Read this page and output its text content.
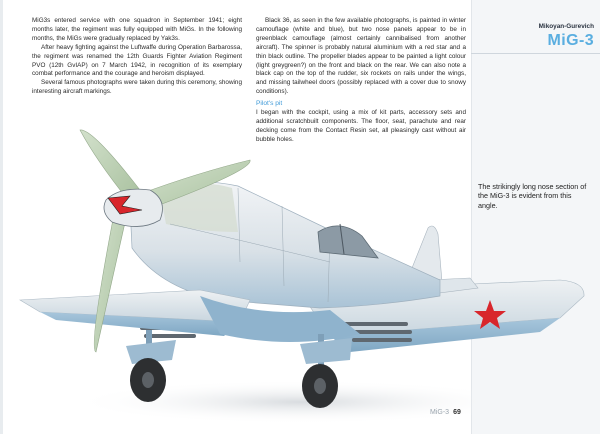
MiG3s entered service with one squadron in September 1941; eight months later, the regiment was fully equipped with MiGs. In the following months, the MiGs were gradually replaced by Yak3s.

After heavy fighting against the Luftwaffe during Operation Barbarossa, the regiment was renamed the 12th Guards Fighter Aviation Regiment PVO (12th GvIAP) on 7 March 1942, in recognition of its exemplary combat performance and the courage and heroism displayed.

Several famous photographs were taken during this ceremony, showing interesting aircraft markings.

Black 36, as seen in the few available photographs, is painted in winter camouflage (white and blue), but two nose panels appear to be in greenblack camouflage (almost certainly cannibalised from another aircraft). The spinner is probably natural aluminium with a red star and a thin black outline. The propeller blades appear to be painted a light colour (light greygreen?) on the front and black on the rear. We can also note a black cap on the top of the rudder, six rockets on rails under the wings, and missing tailwheel doors (possibly replaced with a cover due to snowy conditions).

Pilot's pit

I began with the cockpit, using a mix of kit parts, accessory sets and additional scratchbuilt components. The floor, seat, parachute and rear decking come from the Contact Resin set, all pleasingly cast without air bubble holes.

Mikoyan-Gurevich
MiG-3
The strikingly long nose section of the MiG-3 is evident from this angle.
MiG-3 69
